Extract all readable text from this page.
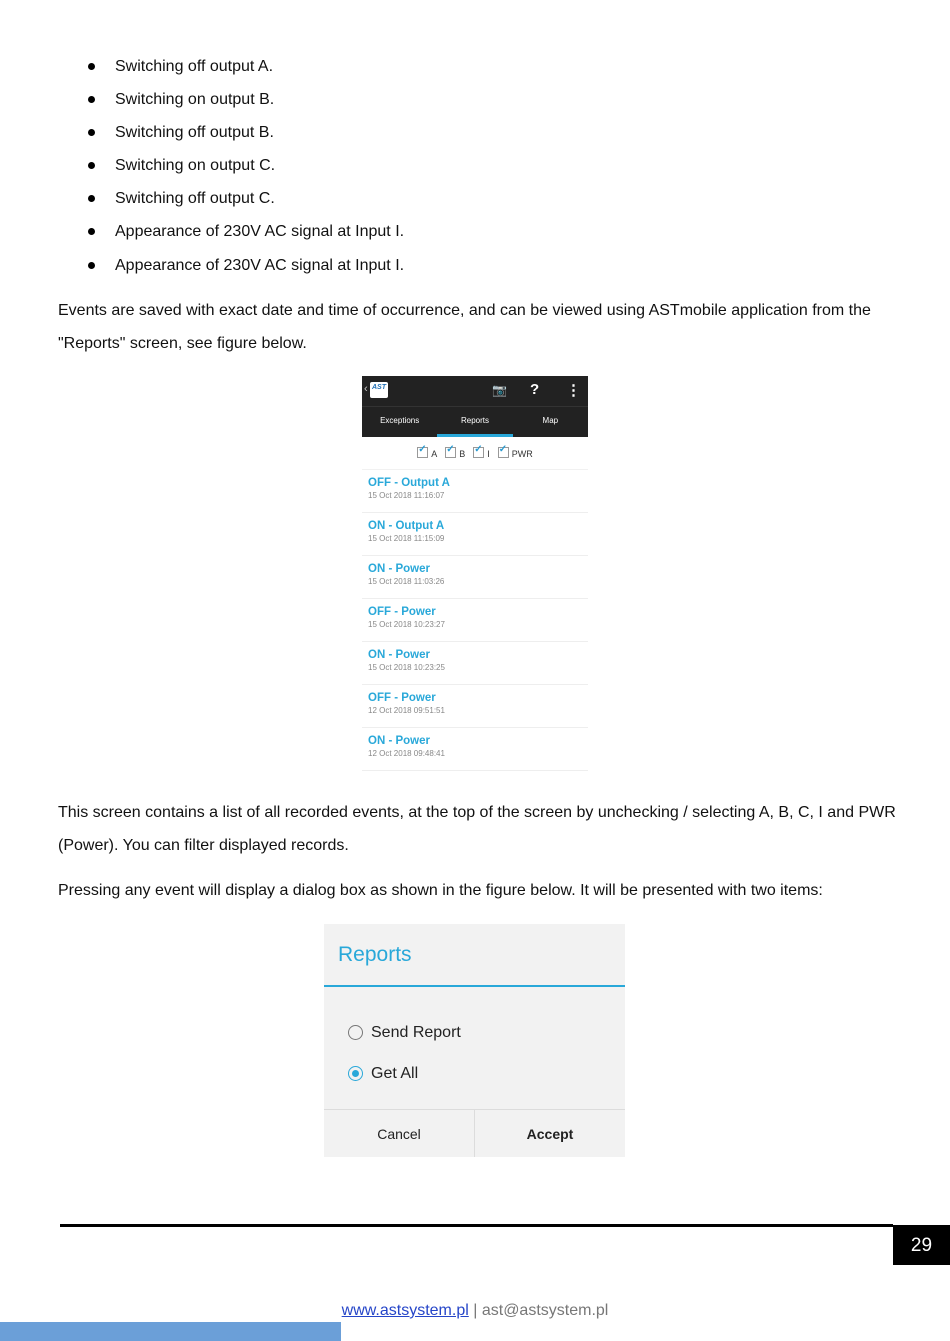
Switching off output A.
Switching on output B.
Switching off output B.
Switching on output C.
Switching off output C.
Appearance of 230V AC signal at Input I.
Appearance of 230V AC signal at Input I.

Events are saved with exact date and time of occurrence, and can be viewed using ASTmobile application from the "Reports" screen, see figure below.

‹ AST	📷 ? ⋮
Exceptions	Reports	Map
✓A ✓	B ✓	I ✓	PWR
OFF - Output A
15 Oct 2018 11:16:07
ON - Output A
15 Oct 2018 11:15:09
ON - Power
15 Oct 2018 11:03:26
OFF - Power
15 Oct 2018 10:23:27
ON - Power
15 Oct 2018 10:23:25
OFF - Power
12 Oct 2018 09:51:51
ON - Power
12 Oct 2018 09:48:41

This screen contains a list of all recorded events, at the top of the screen by unchecking / selecting A, B, C, I and PWR (Power). You can filter displayed records.

Pressing any event will display a dialog box as shown in the figure below. It will be presented with two items:

Reports
Send Report
Get All
Cancel	Accept
29
www.astsystem.pl | ast@astsystem.pl
